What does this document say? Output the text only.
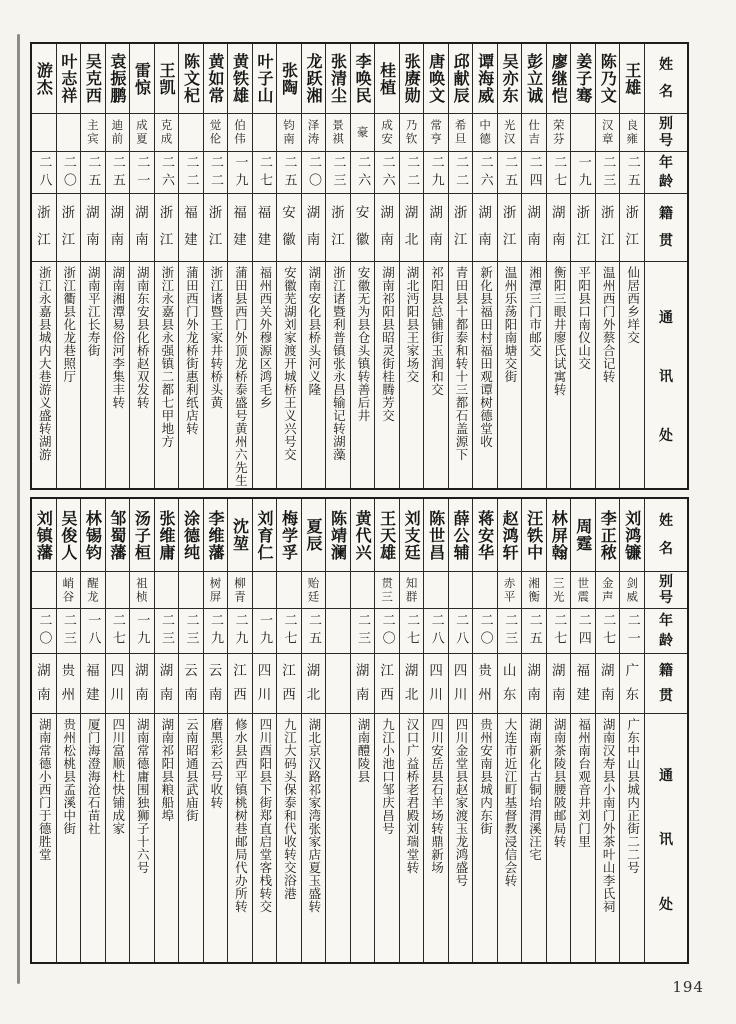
姓
名
别
号
年
龄
籍
贯
通
讯
处
王雄
良雍
二五
浙
江
仙居西乡垟交
陈乃文
汉章
二三
浙
江
温州西门外蔡合记转
姜子骞
一九
浙
江
平阳县口南仪山交
廖继恺
荣芬
二七
湖
南
衡阳三眼井廖氏试寓转
彭立诚
仕吉
二四
湖
南
湘潭三门市邮交
吴亦东
光汉
二五
浙
江
温州乐荡阳南塘交街
谭海威
中德
二六
湖
南
新化县福田村福田观谭树德堂收
邱献辰
希旦
二二
浙
江
青田县十都泰和转十三都石盖源下
唐唤文
常亨
二九
湖
南
祁阳县总铺街玉润和交
张赓勋
乃钦
二二
湖
北
湖北沔阳县王家场交
桂植
成安
二六
湖
南
湖南祁阳县昭灵街桂腾芳交
李唤民
豪
二六
安
徽
安徽无为县仓头镇转善后井
张清尘
景祺
二三
浙
江
浙江诸暨利普镇张永昌输记转湖藻
龙跃湘
泽涛
二〇
湖
南
湖南安化县桥头河义隆
张陶
钧南
二五
安
徽
安徽芜湖刘家渡开城桥王义兴号交
叶子山
二七
福
建
福州西关外穆源区鸿毛乡
黄铁雄
伯伟
一九
福
建
蒲田县西门外顶龙桥泰盛号黄州六先生
黄如常
觉伦
二二
浙
江
浙江诸暨王家井转桥头黄
陈文杞
二二
福
建
蒲田西门外龙桥街惠利纸店转
王凯
克成
二六
浙
江
浙江永嘉县永强镇二都七甲地方
雷惊
成夏
二一
湖
南
湖南东安县化桥赵双发转
袁振鹏
迪前
二五
湖
南
湖南湘潭易俗河李集丰转
吴克西
主宾
二五
湖
南
湖南平江长寿街
叶志祥
二〇
浙
江
浙江衢县化龙巷照厅
游杰
二八
浙
江
浙江永嘉县城内大巷游义盛转湖游
姓
名
别
号
年
龄
籍
贯
通
讯
处
刘鸿镰
剑威
二一
广
东
广东中山县城内正街二二号
李正秾
金声
二七
湖
南
湖南汉寿县小南门外茶叶山李氏祠
周霆
世震
二四
福
建
福州南台观音井刘门里
林屏翰
三光
二七
湖
南
湖南茶陵县腰陂邮局转
汪铁中
湘衡
二五
湖
南
湖南新化古铜坮渭溪汪宅
赵鸿轩
赤平
二三
山
东
大连市近江町基督教浸信会转
蒋安华
二〇
贵
州
贵州安南县城内东街
薛公辅
二八
四
川
四川金堂县赵家渡玉龙鸿盛号
陈世昌
二八
四
川
四川安岳县石羊场转鼎新场
刘支廷
知群
二七
湖
北
汉口广益桥老君殿刘瑞堂转
王天雄
贯三
二〇
江
西
九江小池口邹庆昌号
黄代兴
二三
湖
南
湖南醴陵县
陈靖澜
夏辰
贻廷
二五
湖
北
湖北京汉路祁家湾张家店夏玉盛转
梅学孚
二七
江
西
九江大码头保泰和代收转交浴港
刘育仁
一九
四
川
四川酉阳县下街郑直启堂客栈转交
沈堃
柳青
二九
江
西
修水县西平镇桃树巷邮局代办所转
李维藩
树屏
二九
云
南
磨黑彩云号收转
涂德纯
二三
云
南
云南昭通县武庙街
张维庸
二三
湖
南
湖南祁阳县粮船埠
汤子桓
祖桢
一九
湖
南
湖南常德庸围独狮子十六号
邹蜀藩
二七
四
川
四川富顺杜快铺成家
林锡钧
醒龙
一八
福
建
厦门海澄海沧石苗社
吴俊人
峭谷
二三
贵
州
贵州松桃县孟溪中街
刘镇藩
二〇
湖
南
湖南常德小西门于德胜堂
194
